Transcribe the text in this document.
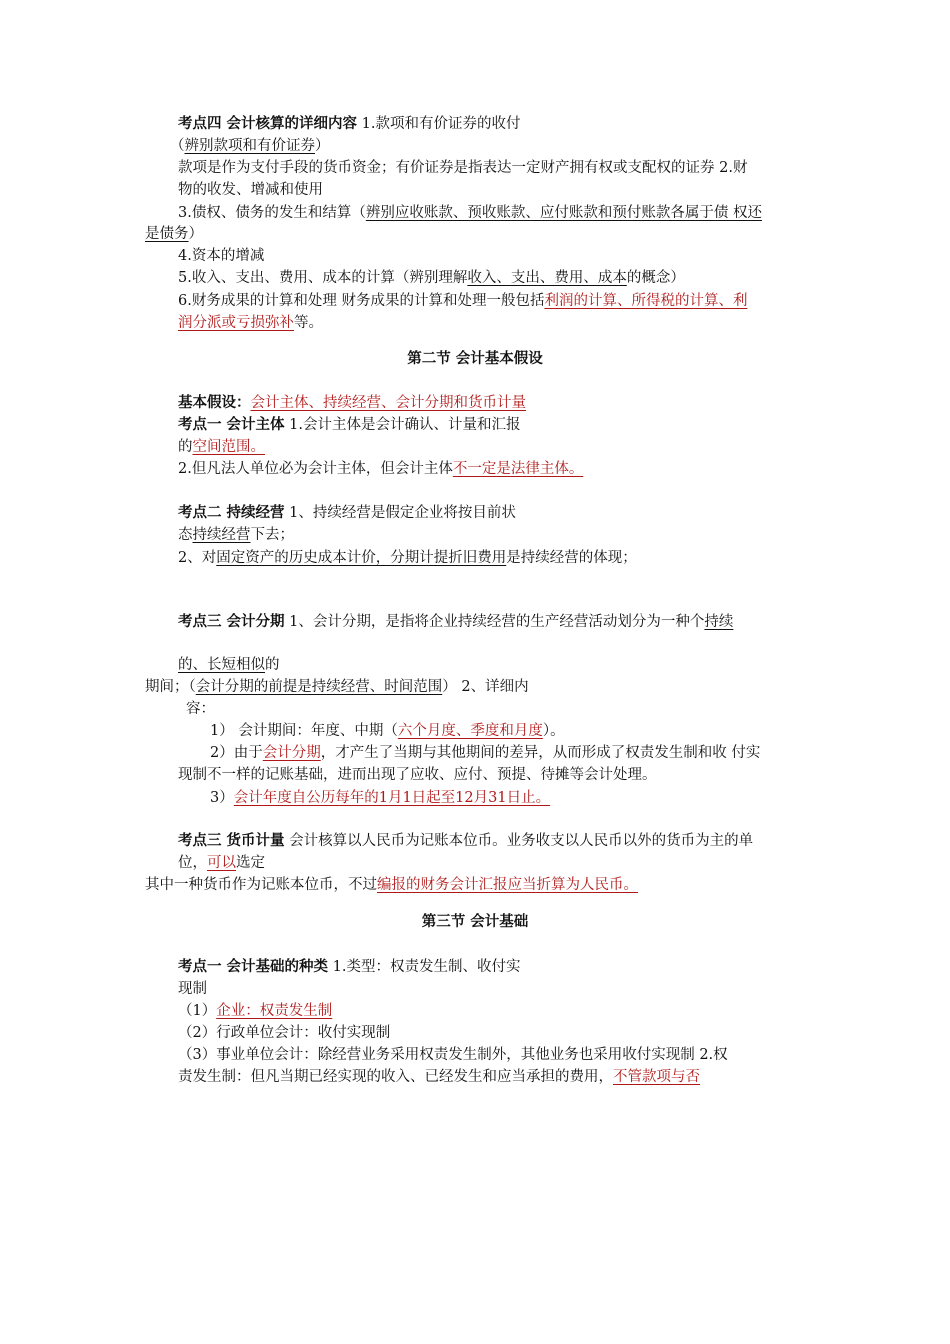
考点四 会计核算的详细内容 1.款项和有价证券的收付
（辨别款项和有价证券）
款项是作为支付手段的货币资金；有价证券是指表达一定财产拥有权或支配权的证券 2.财
物的收发、增减和使用
3.债权、债务的发生和结算（辨别应收账款、预收账款、应付账款和预付账款各属于债 权还
是债务）
4.资本的增减
5.收入、支出、费用、成本的计算（辨别理解收入、支出、费用、成本的概念）
6.财务成果的计算和处理 财务成果的计算和处理一般包括利润的计算、所得税的计算、利
润分派或亏损弥补等。
第二节 会计基本假设
基本假设：会计主体、持续经营、会计分期和货币计量
考点一 会计主体 1.会计主体是会计确认、计量和汇报
的空间范围。
2.但凡法人单位必为会计主体，但会计主体不一定是法律主体。
考点二 持续经营 1、持续经营是假定企业将按目前状
态持续经营下去；
2、对固定资产的历史成本计价，分期计提折旧费用是持续经营的体现；
考点三 会计分期 1、会计分期，是指将企业持续经营的生产经营活动划分为一种个持续
的、长短相似的
期间；（会计分期的前提是持续经营、时间范围） 2、详细内
容：
1） 会计期间：年度、中期（六个月度、季度和月度）。
2）由于会计分期，才产生了当期与其他期间的差异，从而形成了权责发生制和收 付实
现制不一样的记账基础，进而出现了应收、应付、预提、待摊等会计处理。
3）会计年度自公历每年的1月1日起至12月31日止。
考点三 货币计量 会计核算以人民币为记账本位币。业务收支以人民币以外的货币为主的单
位，可以选定
其中一种货币作为记账本位币，不过编报的财务会计汇报应当折算为人民币。
第三节 会计基础
考点一 会计基础的种类 1.类型：权责发生制、收付实
现制
（1）企业：权责发生制
（2）行政单位会计：收付实现制
（3）事业单位会计：除经营业务采用权责发生制外，其他业务也采用收付实现制 2.权
责发生制：但凡当期已经实现的收入、已经发生和应当承担的费用，不管款项与否
